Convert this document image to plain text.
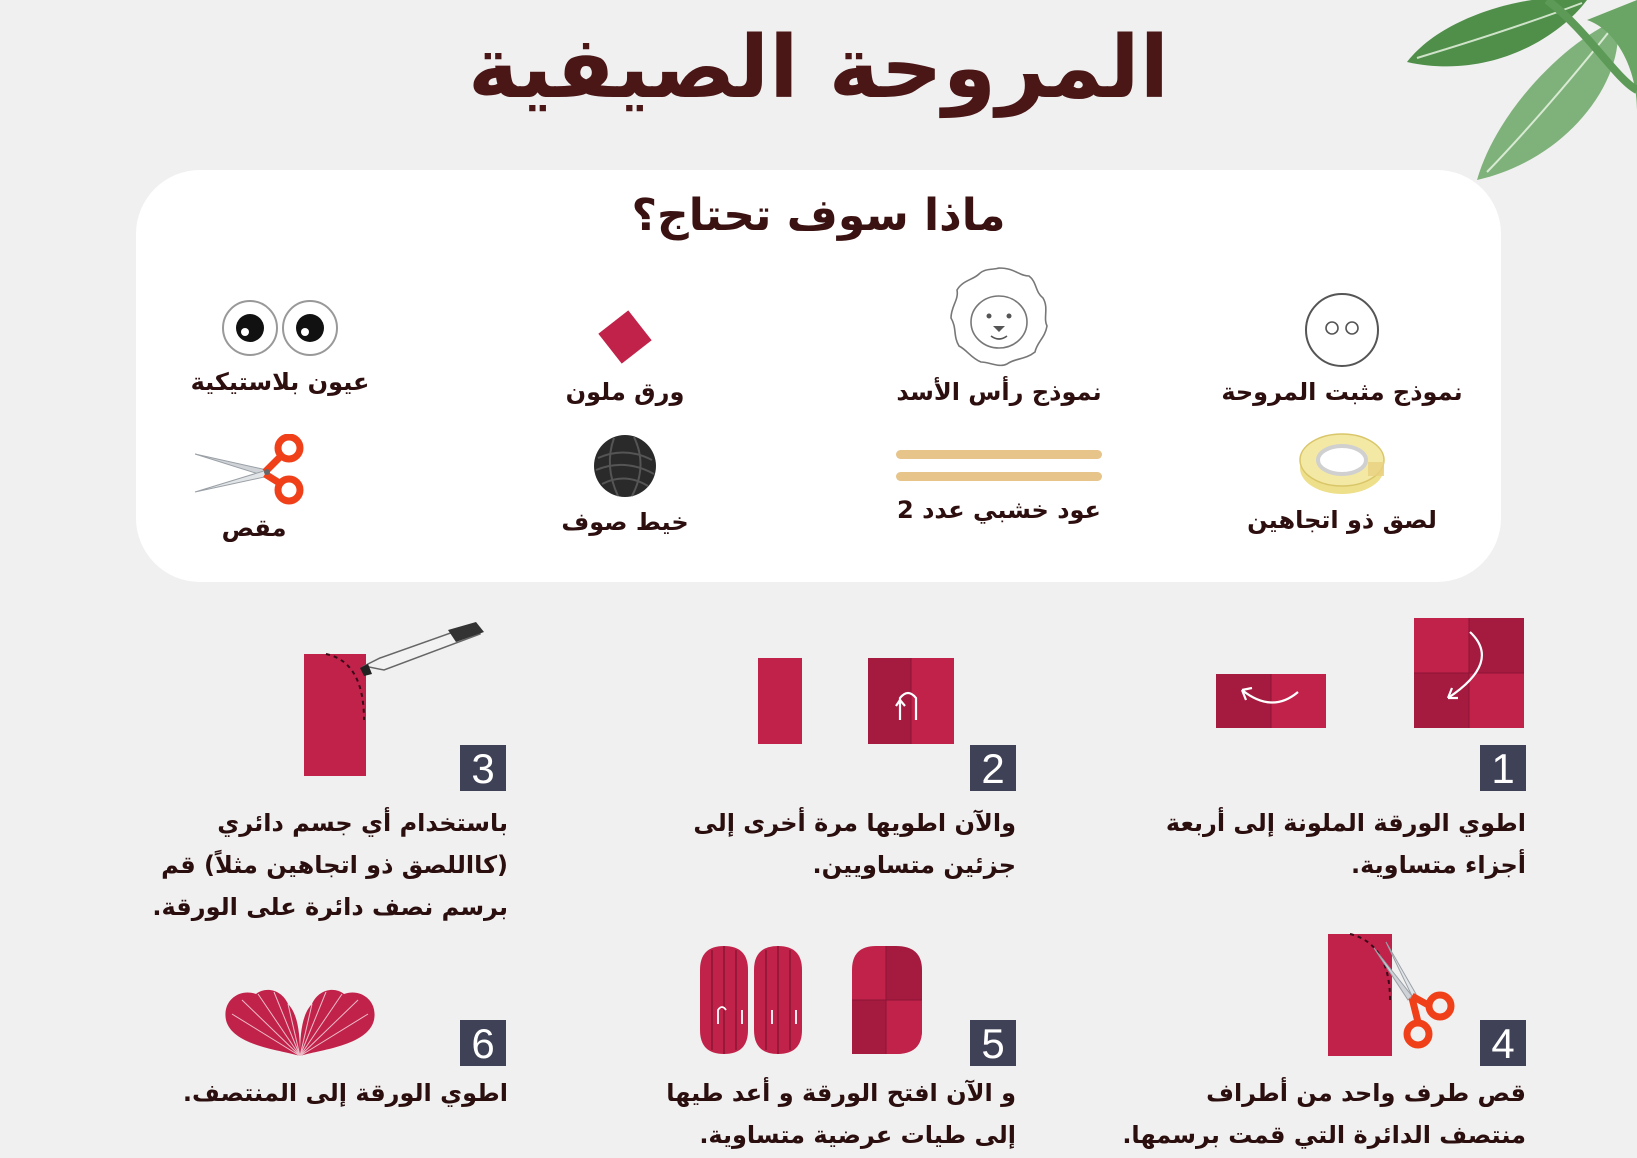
المروحة الصيفية
ماذا سوف تحتاج؟
نموذج مثبت المروحة
نموذج رأس الأسد
ورق ملون
عيون بلاستيكية
لصق ذو اتجاهين
عود خشبي عدد 2
خيط صوف
مقص
1
اطوي الورقة الملونة إلى أربعة أجزاء متساوية.
2
والآن اطويها مرة أخرى إلى جزئين متساويين.
3
باستخدام أي جسم دائري (كااللصق ذو اتجاهين مثلاً) قم برسم نصف دائرة على الورقة.
4
قص طرف واحد من أطراف منتصف الدائرة التي قمت برسمها.
5
و الآن افتح الورقة و أعد طيها إلى طيات عرضية متساوية.
6
اطوي الورقة إلى المنتصف.
